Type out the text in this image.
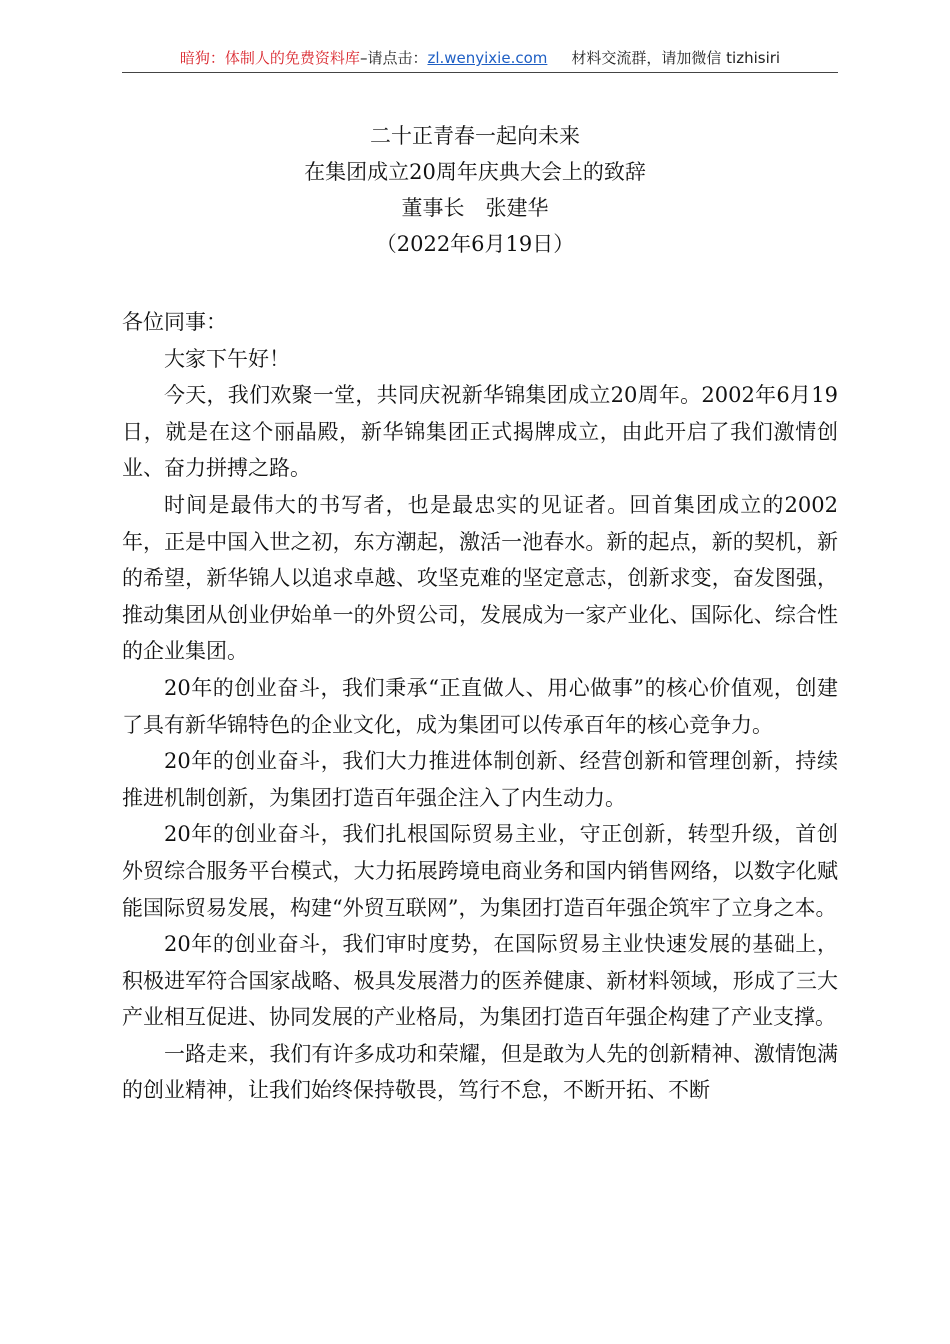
暗狗：体制人的免费资料库–请点击：zl.wenyixie.com 材料交流群，请加微信 tizhisiri
二十正青春一起向未来
在集团成立20周年庆典大会上的致辞
董事长　张建华
（2022年6月19日）

各位同事：

大家下午好！

今天，我们欢聚一堂，共同庆祝新华锦集团成立20周年。2002年6月19日，就是在这个丽晶殿，新华锦集团正式揭牌成立，由此开启了我们激情创业、奋力拼搏之路。

时间是最伟大的书写者，也是最忠实的见证者。回首集团成立的2002年，正是中国入世之初，东方潮起，激活一池春水。新的起点，新的契机，新的希望，新华锦人以追求卓越、攻坚克难的坚定意志，创新求变，奋发图强，推动集团从创业伊始单一的外贸公司，发展成为一家产业化、国际化、综合性的企业集团。

20年的创业奋斗，我们秉承“正直做人、用心做事”的核心价值观，创建了具有新华锦特色的企业文化，成为集团可以传承百年的核心竞争力。

20年的创业奋斗，我们大力推进体制创新、经营创新和管理创新，持续推进机制创新，为集团打造百年强企注入了内生动力。

20年的创业奋斗，我们扎根国际贸易主业，守正创新，转型升级，首创外贸综合服务平台模式，大力拓展跨境电商业务和国内销售网络，以数字化赋能国际贸易发展，构建“外贸互联网”，为集团打造百年强企筑牢了立身之本。

20年的创业奋斗，我们审时度势，在国际贸易主业快速发展的基础上，积极进军符合国家战略、极具发展潜力的医养健康、新材料领域，形成了三大产业相互促进、协同发展的产业格局，为集团打造百年强企构建了产业支撑。

一路走来，我们有许多成功和荣耀，但是敢为人先的创新精神、激情饱满的创业精神，让我们始终保持敬畏，笃行不怠，不断开拓、不断
